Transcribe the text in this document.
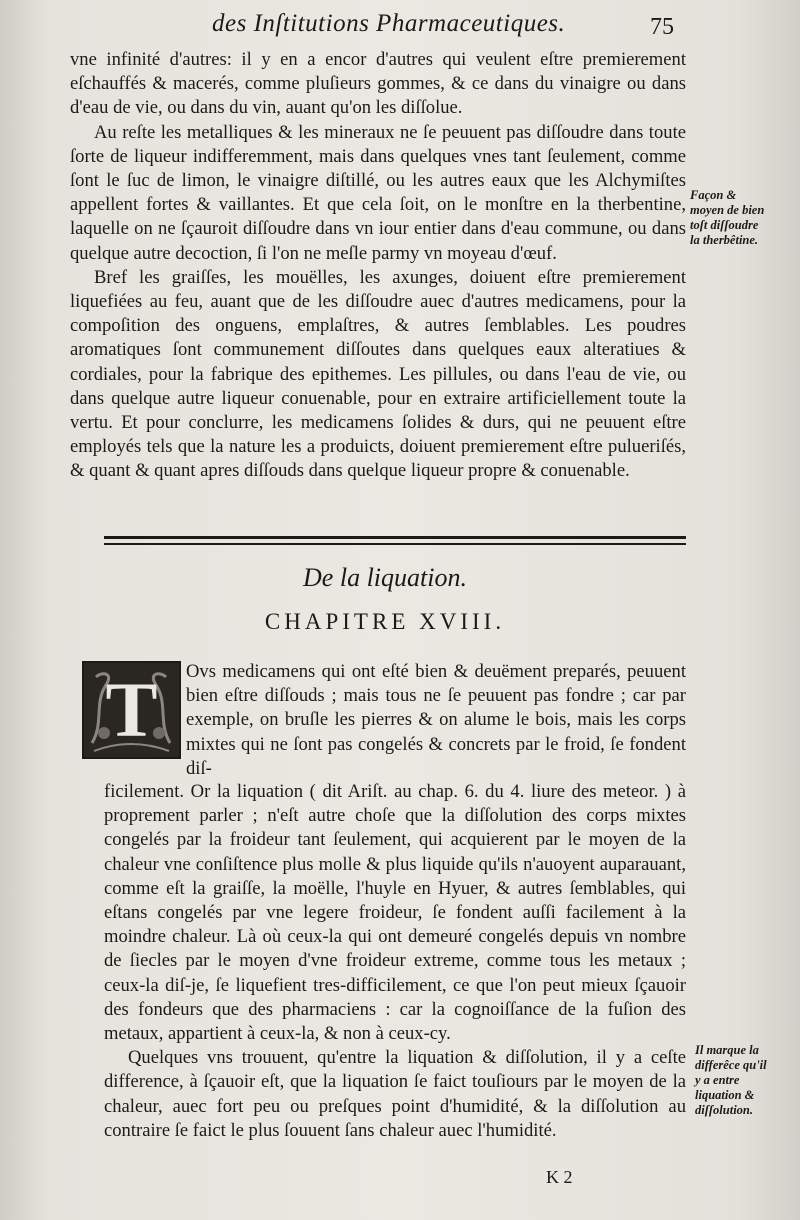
des Inſtitutions Pharmaceutiques.	75

vne infinité d'autres: il y en a encor d'autres qui veulent eſtre premierement eſchauffés & macerés, comme pluſieurs gommes, & ce dans du vinaigre ou dans d'eau de vie, ou dans du vin, auant qu'on les diſſolue.

Au reſte les metalliques & les mineraux ne ſe peuuent pas diſſoudre dans toute ſorte de liqueur indifferemment, mais dans quelques vnes tant ſeulement, comme ſont le ſuc de limon, le vinaigre diſtillé, ou les autres eaux que les Alchymiſtes appellent fortes & vaillantes. Et que cela ſoit, on le monſtre en la therbentine, laquelle on ne ſçauroit diſſoudre dans vn iour entier dans d'eau commune, ou dans quelque autre decoction, ſi l'on ne meſle parmy vn moyeau d'œuf.

Bref les graiſſes, les mouëlles, les axunges, doiuent eſtre premierement liquefiées au feu, auant que de les diſſoudre auec d'autres medicamens, pour la compoſition des onguens, emplaſtres, & autres ſemblables. Les poudres aromatiques ſont communement diſſoutes dans quelques eaux alteratiues & cordiales, pour la fabrique des epithemes. Les pillules, ou dans l'eau de vie, ou dans quelque autre liqueur conuenable, pour en extraire artificiellement toute la vertu. Et pour conclurre, les medicamens ſolides & durs, qui ne peuuent eſtre employés tels que la nature les a produicts, doiuent premierement eſtre pulueriſés, & quant & quant apres diſſouds dans quelque liqueur propre & conuenable.

Façon & moyen de bien toſt diſſoudre la therbêtine.
De la liquation.
CHAPITRE XVIII.
T Ovs medicamens qui ont eſté bien & deuëment preparés, peuuent bien eſtre diſſouds ; mais tous ne ſe peuuent pas fondre ; car par exemple, on bruſle les pierres & on alume le bois, mais les corps mixtes qui ne ſont pas congelés & concrets par le froid, ſe fondent diſ-

ficilement. Or la liquation ( dit Ariſt. au chap. 6. du 4. liure des meteor. ) à proprement parler ; n'eſt autre choſe que la diſſolution des corps mixtes congelés par la froideur tant ſeulement, qui acquierent par le moyen de la chaleur vne conſiſtence plus molle & plus liquide qu'ils n'auoyent auparauant, comme eſt la graiſſe, la moëlle, l'huyle en Hyuer, & autres ſemblables, qui eſtans congelés par vne legere froideur, ſe fondent auſſi facilement à la moindre chaleur. Là où ceux-la qui ont demeuré congelés depuis vn nombre de ſiecles par le moyen d'vne froideur extreme, comme tous les metaux ; ceux-la diſ-je, ſe liquefient tres-difficilement, ce que l'on peut mieux ſçauoir des fondeurs que des pharmaciens : car la cognoiſſance de la fuſion des metaux, appartient à ceux-la, & non à ceux-cy.

Quelques vns trouuent, qu'entre la liquation & diſſolution, il y a ceſte difference, à ſçauoir eſt, que la liquation ſe faict touſiours par le moyen de la chaleur, auec fort peu ou preſques point d'humidité, & la diſſolution au contraire ſe faict le plus ſouuent ſans chaleur auec l'humidité.

Il marque la differêce qu'il y a entre liquation & diſſolution.
K 2
